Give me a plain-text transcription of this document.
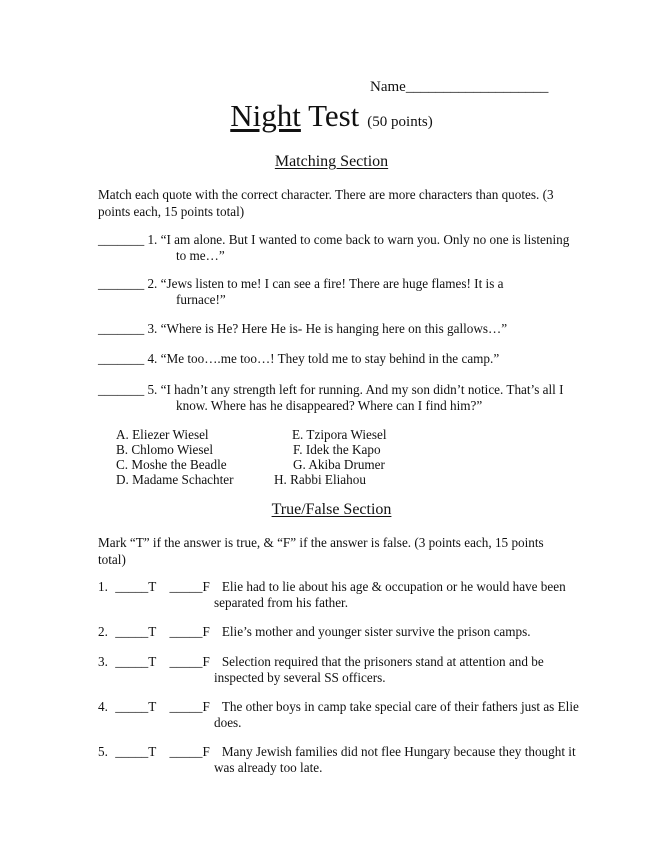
Name___________________
Night Test (50 points)
Matching Section
Match each quote with the correct character. There are more characters than quotes. (3 points each, 15 points total)
_______ 1. “I am alone. But I wanted to come back to warn you. Only no one is listening
to me…”
_______ 2. “Jews listen to me! I can see a fire! There are huge flames! It is a
furnace!”
_______ 3. “Where is He? Here He is- He is hanging here on this gallows…”
_______ 4. “Me too….me too…! They told me to stay behind in the camp.”
_______ 5. “I hadn’t any strength left for running. And my son didn’t notice. That’s all I
know. Where has he disappeared? Where can I find him?”
A. Eliezer Wiesel
B. Chlomo Wiesel
C. Moshe the Beadle
D. Madame Schachter
E. Tzipora Wiesel
F. Idek the Kapo
G. Akiba Drumer
H. Rabbi Eliahou
True/False Section
Mark “T” if the answer is true, & “F” if the answer is false. (3 points each, 15 points total)
1. _____T _____F Elie had to lie about his age & occupation or he would have been
separated from his father.
2. _____T _____F Elie’s mother and younger sister survive the prison camps.
3. _____T _____F Selection required that the prisoners stand at attention and be
inspected by several SS officers.
4. _____T _____F The other boys in camp take special care of their fathers just as Elie
does.
5. _____T _____F Many Jewish families did not flee Hungary because they thought it
was already too late.
